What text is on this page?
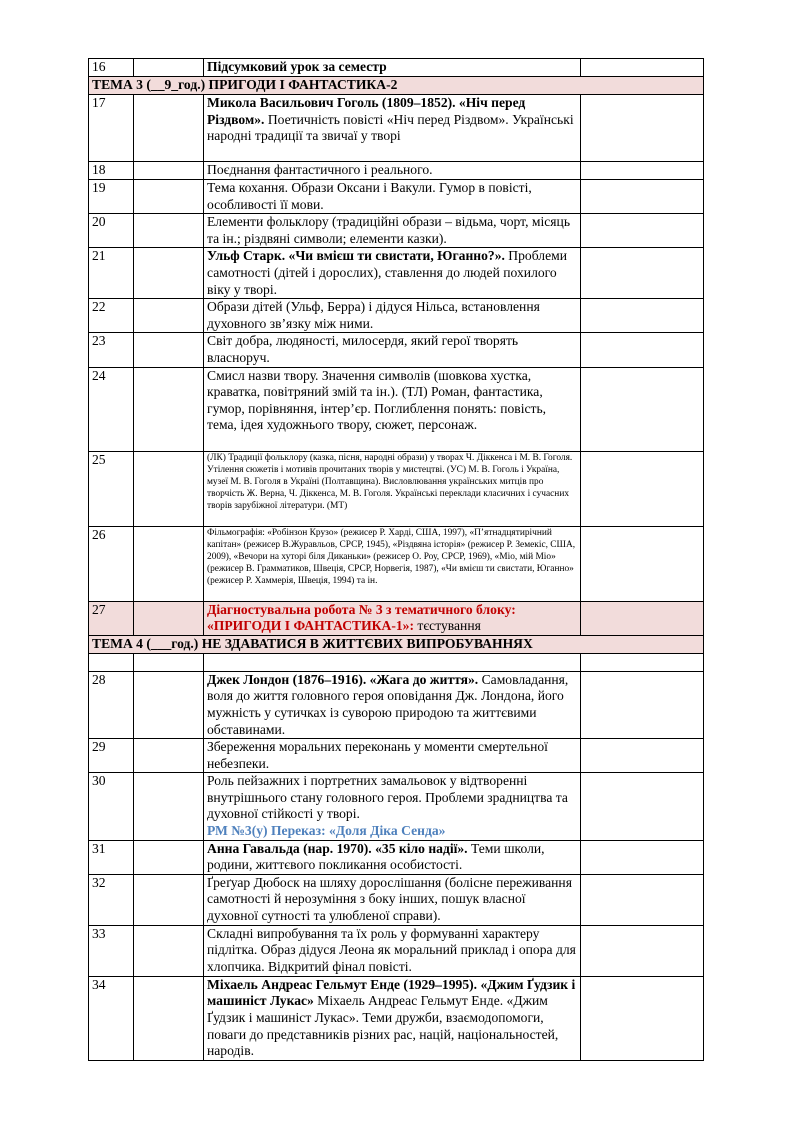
16		Підсумковий урок за семестр	
ТЕМА 3 (__9_год.) ПРИГОДИ І ФАНТАСТИКА-2			
17		Микола Васильович Гоголь (1809–1852). «Ніч перед Різдвом». Поетичність повісті «Ніч перед Різдвом». Українські народні традиції та звичаї у творі	
18		Поєднання фантастичного і реального.	
19		Тема кохання. Образи Оксани і Вакули. Гумор в повісті, особливості її мови.	
20		Елементи фольклору (традиційні образи – відьма, чорт, місяць та ін.; різдвяні символи; елементи казки).	
21		Ульф Старк. «Чи вмієш ти свистати, Юганно?». Проблеми самотності (дітей і дорослих), ставлення до людей похилого віку у творі.	
22		Образи дітей (Ульф, Берра) і дідуся Нільса, встановлення духовного зв’язку між ними.	
23		Світ добра, людяності, милосердя, який герої творять власноруч.	
24		Смисл назви твору. Значення символів (шовкова хустка, краватка, повітряний змій та ін.). (ТЛ) Роман, фантастика, гумор, порівняння, інтер’єр. Поглиблення понять: повість, тема, ідея художнього твору, сюжет, персонаж.	
25		(ЛК) Традиції фольклору (казка, пісня, народні образи) у творах Ч. Діккенса і М. В. Гоголя. Утілення сюжетів і мотивів прочитаних творів у мистецтві. (УС) М. В. Гоголь і Україна, музеї М. В. Гоголя в Україні (Полтавщина). Висловлювання українських митців про творчість Ж. Верна, Ч. Діккенса, М. В. Гоголя. Українські переклади класичних і сучасних творів зарубіжної літератури. (МТ)	

26		Фільмографія: «Робінзон Крузо» (режисер Р. Харді, США, 1997), «П’ятнадцятирічний капітан» (режисер В.Журавльов, СРСР, 1945), «Різдвяна історія» (режисер Р. Земекіс, США, 2009), «Вечори на хуторі біля Диканьки» (режисер О. Роу, СРСР, 1969), «Міо, мій Міо» (режисер В. Грамматиков, Швеція, СРСР, Норвегія, 1987), «Чи вмієш ти свистати, Юганно» (режисер Р. Хаммерія, Швеція, 1994) та ін.	

27		Діагностувальна робота № 3 з тематичного блоку: «ПРИГОДИ І ФАНТАСТИКА-1»: тєстування	
ТЕМА 4 (___год.) НЕ ЗДАВАТИСЯ В ЖИТТЄВИХ ВИПРОБУВАННЯХ			

28		Джек Лондон (1876–1916). «Жага до життя». Самовладання, воля до життя головного героя оповідання Дж. Лондона, його мужність у сутичках із суворою природою та життєвими обставинами.	
29		Збереження моральних переконань у моменти смертельної небезпеки.	
30		Роль пейзажних і портретних замальовок у відтворенні внутрішнього стану головного героя. Проблеми зрадництва та духовної стійкості у творі.
РМ №3(у) Переказ: «Доля Діка Сенда»	

31		Анна Гавальда (нар. 1970). «35 кіло надії». Теми школи, родини, життєвого покликання особистості.	
32		Ґреґуар Дюбоск на шляху дорослішання (болісне переживання самотності й нерозуміння з боку інших, пошук власної духовної сутності та улюбленої справи).	
33		Складні випробування та їх роль у формуванні характеру підлітка. Образ дідуся Леона як моральний приклад і опора для хлопчика. Відкритий фінал повісті.	
34		Міхаель Андреас Гельмут Енде (1929–1995). «Джим Ґудзик і машиніст Лукас» Міхаель Андреас Гельмут Енде. «Джим Ґудзик і машиніст Лукас». Теми дружби, взаємодопомоги, поваги до представників різних рас, націй, національностей, народів.	
